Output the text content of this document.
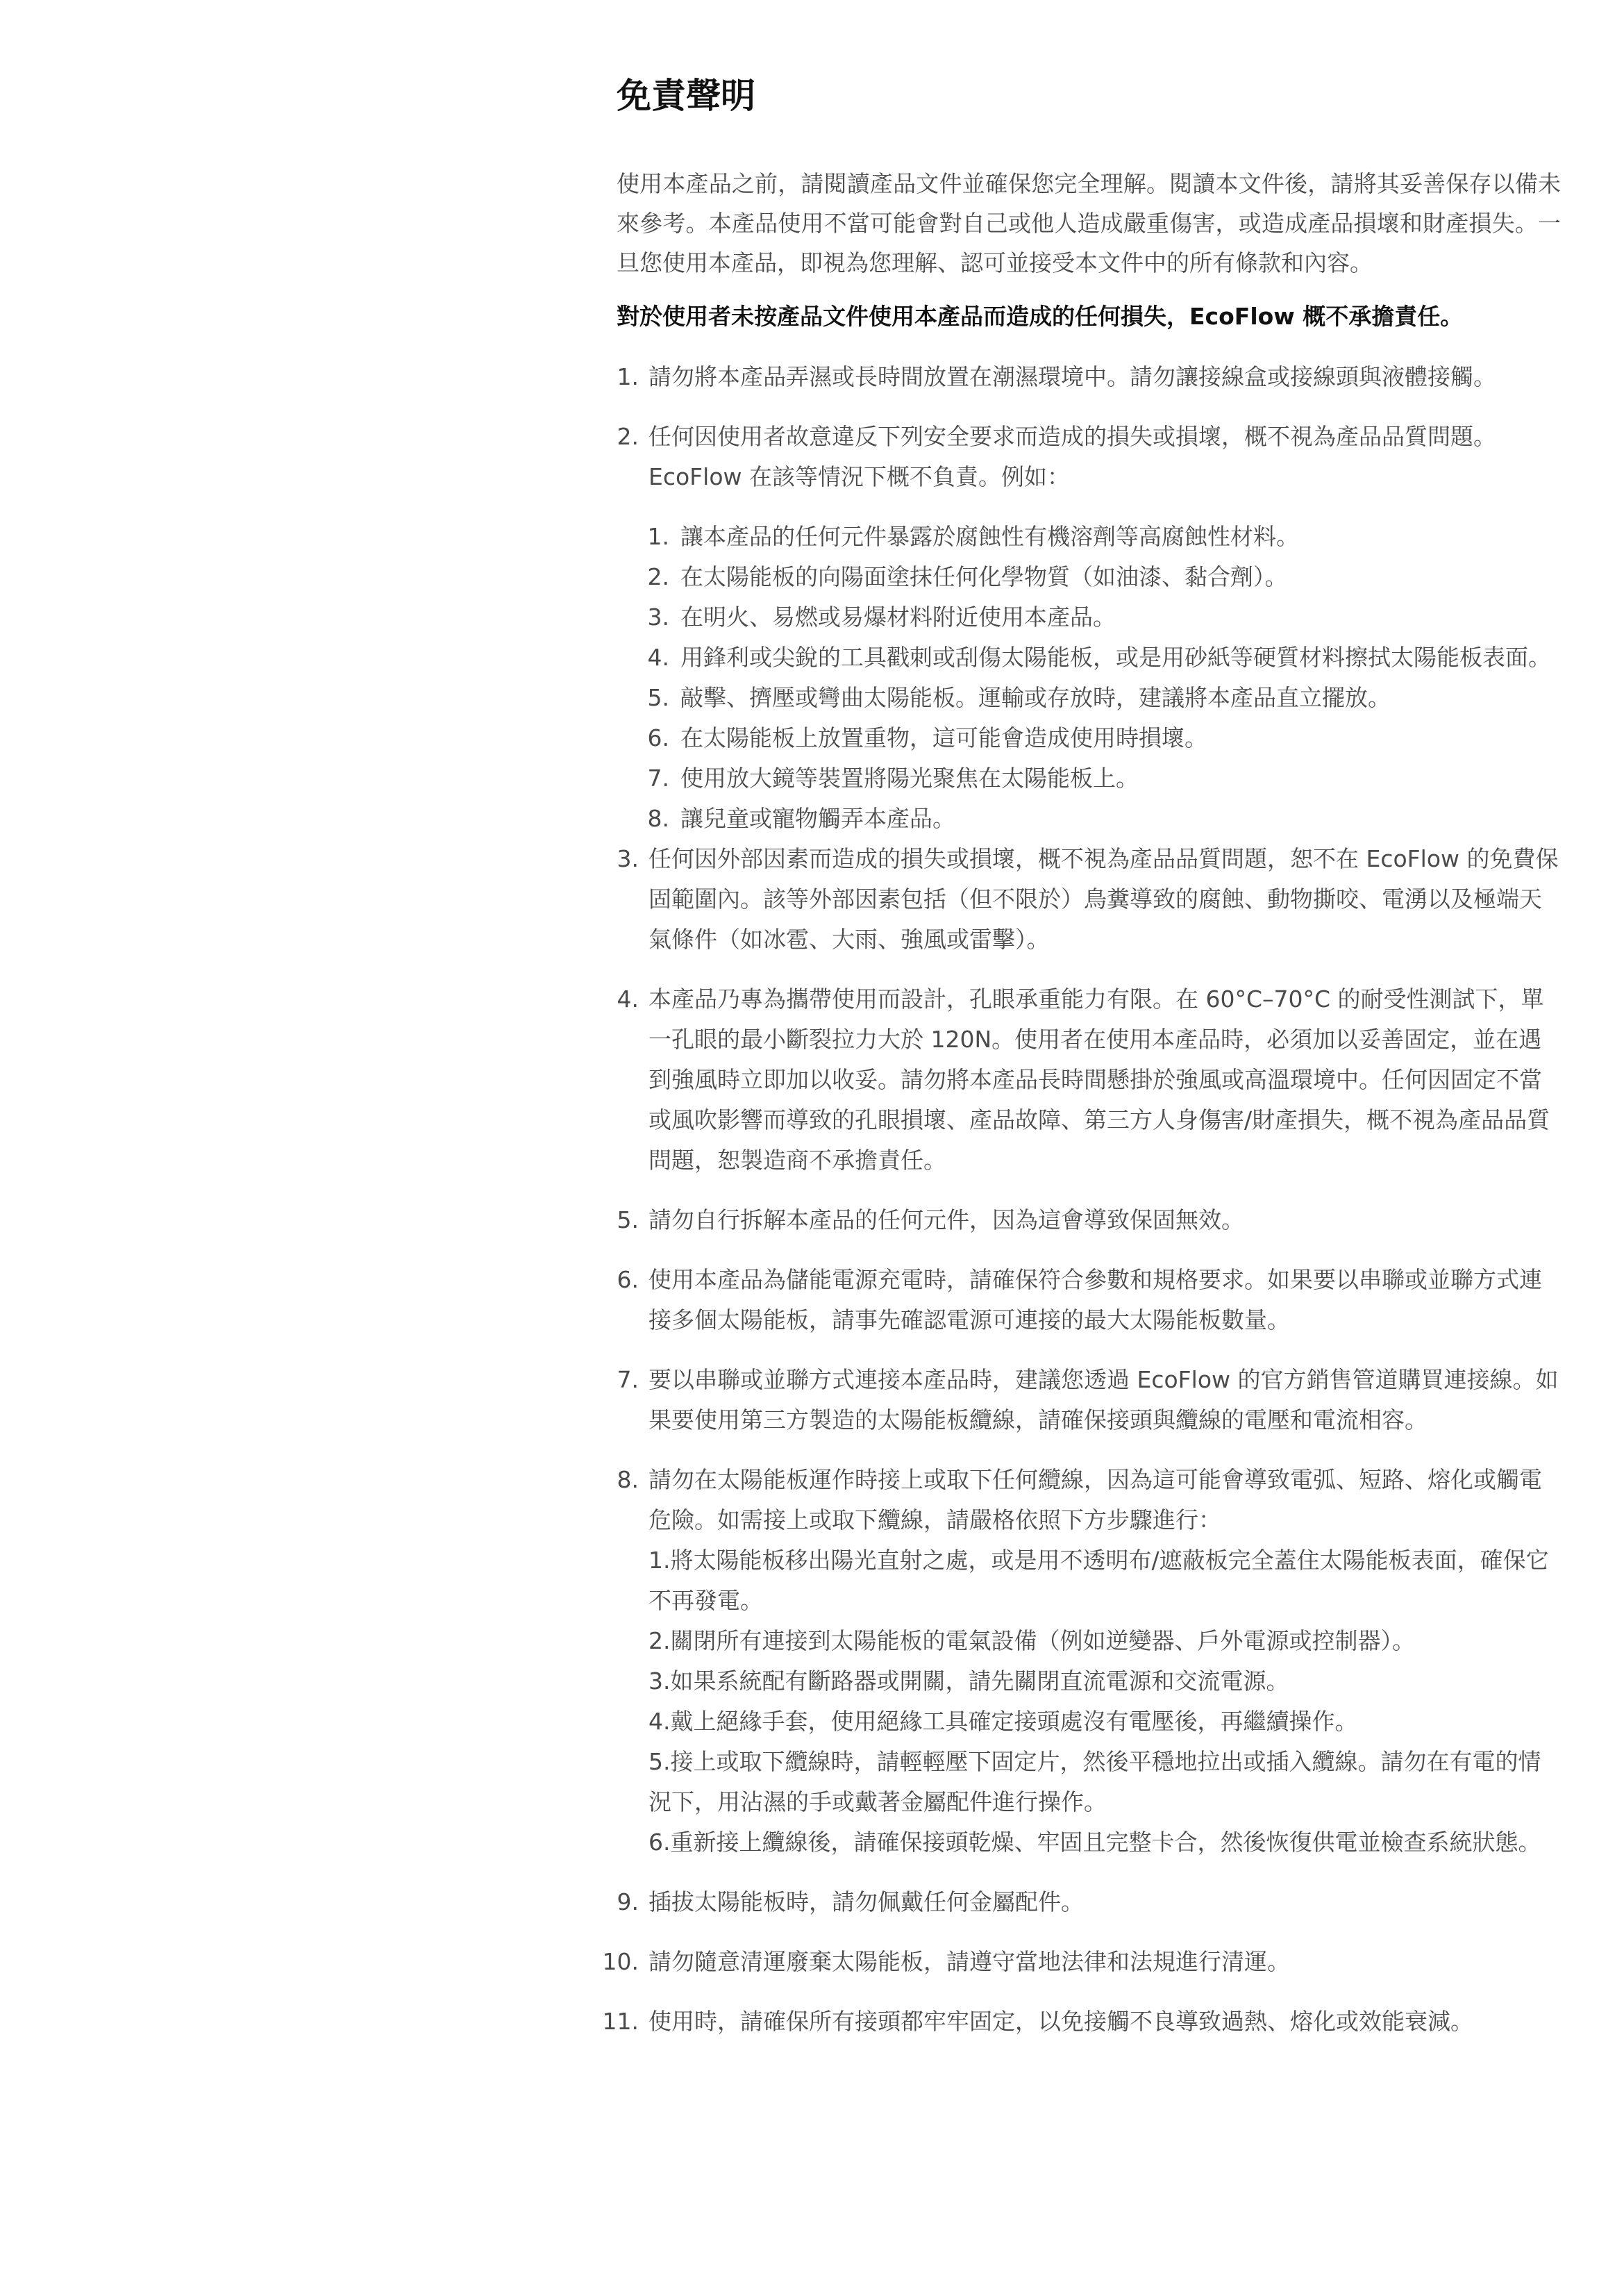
免責聲明

使用本產品之前，請閱讀產品文件並確保您完全理解。閱讀本文件後，請將其妥善保存以備未來參考。本產品使用不當可能會對自己或他人造成嚴重傷害，或造成產品損壞和財產損失。一旦您使用本產品，即視為您理解、認可並接受本文件中的所有條款和內容。

對於使用者未按產品文件使用本產品而造成的任何損失，EcoFlow 概不承擔責任。

1. 請勿將本產品弄濕或長時間放置在潮濕環境中。請勿讓接線盒或接線頭與液體接觸。
2. 任何因使用者故意違反下列安全要求而造成的損失或損壞，概不視為產品品質問題。EcoFlow 在該等情況下概不負責。例如：
1. 讓本產品的任何元件暴露於腐蝕性有機溶劑等高腐蝕性材料。
2. 在太陽能板的向陽面塗抹任何化學物質（如油漆、黏合劑）。
3. 在明火、易燃或易爆材料附近使用本產品。
4. 用鋒利或尖銳的工具戳刺或刮傷太陽能板，或是用砂紙等硬質材料擦拭太陽能板表面。
5. 敲擊、擠壓或彎曲太陽能板。運輸或存放時，建議將本產品直立擺放。
6. 在太陽能板上放置重物，這可能會造成使用時損壞。
7. 使用放大鏡等裝置將陽光聚焦在太陽能板上。
8. 讓兒童或寵物觸弄本產品。
3. 任何因外部因素而造成的損失或損壞，概不視為產品品質問題，恕不在 EcoFlow 的免費保固範圍內。該等外部因素包括（但不限於）鳥糞導致的腐蝕、動物撕咬、電湧以及極端天氣條件（如冰雹、大雨、強風或雷擊）。
4. 本產品乃專為攜帶使用而設計，孔眼承重能力有限。在 60°C–70°C 的耐受性測試下，單一孔眼的最小斷裂拉力大於 120N。使用者在使用本產品時，必須加以妥善固定，並在遇到強風時立即加以收妥。請勿將本產品長時間懸掛於強風或高溫環境中。任何因固定不當或風吹影響而導致的孔眼損壞、產品故障、第三方人身傷害/財產損失，概不視為產品品質問題，恕製造商不承擔責任。
5. 請勿自行拆解本產品的任何元件，因為這會導致保固無效。
6. 使用本產品為儲能電源充電時，請確保符合參數和規格要求。如果要以串聯或並聯方式連接多個太陽能板，請事先確認電源可連接的最大太陽能板數量。
7. 要以串聯或並聯方式連接本產品時，建議您透過 EcoFlow 的官方銷售管道購買連接線。如果要使用第三方製造的太陽能板纜線，請確保接頭與纜線的電壓和電流相容。
8. 請勿在太陽能板運作時接上或取下任何纜線，因為這可能會導致電弧、短路、熔化或觸電危險。如需接上或取下纜線，請嚴格依照下方步驟進行：
1.將太陽能板移出陽光直射之處，或是用不透明布/遮蔽板完全蓋住太陽能板表面，確保它不再發電。
2.關閉所有連接到太陽能板的電氣設備（例如逆變器、戶外電源或控制器）。
3.如果系統配有斷路器或開關，請先關閉直流電源和交流電源。
4.戴上絕緣手套，使用絕緣工具確定接頭處沒有電壓後，再繼續操作。
5.接上或取下纜線時，請輕輕壓下固定片，然後平穩地拉出或插入纜線。請勿在有電的情況下，用沾濕的手或戴著金屬配件進行操作。
6.重新接上纜線後，請確保接頭乾燥、牢固且完整卡合，然後恢復供電並檢查系統狀態。
9. 插拔太陽能板時，請勿佩戴任何金屬配件。
10. 請勿隨意清運廢棄太陽能板，請遵守當地法律和法規進行清運。
11. 使用時，請確保所有接頭都牢牢固定，以免接觸不良導致過熱、熔化或效能衰減。
